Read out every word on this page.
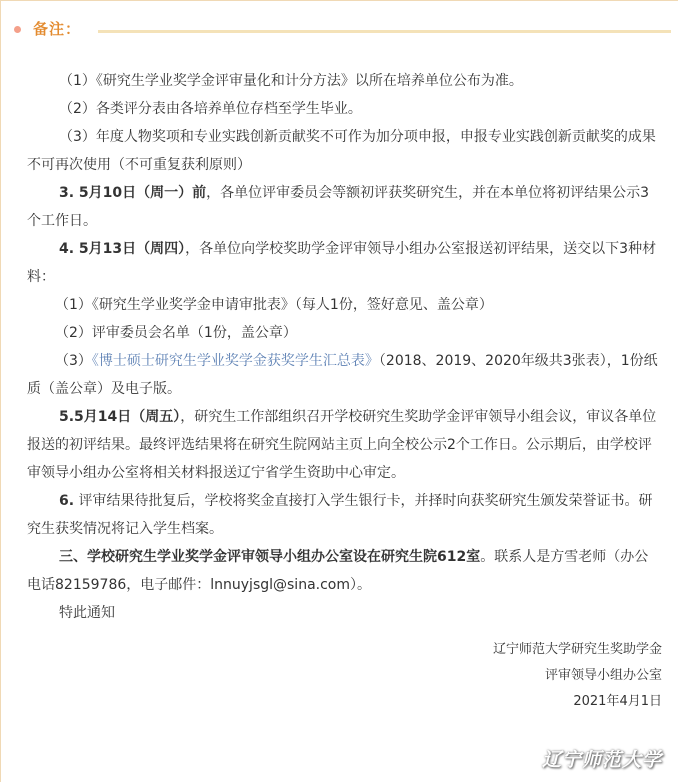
备注：

（1）《研究生学业奖学金评审量化和计分方法》以所在培养单位公布为准。

（2）各类评分表由各培养单位存档至学生毕业。

（3）年度人物奖项和专业实践创新贡献奖不可作为加分项申报，申报专业实践创新贡献奖的成果不可再次使用（不可重复获利原则）

3. 5月10日（周一）前，各单位评审委员会等额初评获奖研究生，并在本单位将初评结果公示3个工作日。

4. 5月13日（周四），各单位向学校奖助学金评审领导小组办公室报送初评结果，送交以下3种材料：

（1）《研究生学业奖学金申请审批表》（每人1份，签好意见、盖公章）

（2）评审委员会名单（1份，盖公章）

（3）《博士硕士研究生学业奖学金获奖学生汇总表》（2018、2019、2020年级共3张表），1份纸质（盖公章）及电子版。

5.5月14日（周五），研究生工作部组织召开学校研究生奖助学金评审领导小组会议，审议各单位报送的初评结果。最终评选结果将在研究生院网站主页上向全校公示2个工作日。公示期后，由学校评审领导小组办公室将相关材料报送辽宁省学生资助中心审定。

6. 评审结果待批复后，学校将奖金直接打入学生银行卡，并择时向获奖研究生颁发荣誉证书。研究生获奖情况将记入学生档案。

三、学校研究生学业奖学金评审领导小组办公室设在研究生院612室。联系人是方雪老师（办公电话82159786，电子邮件：lnnuyjsgl@sina.com）。

特此通知

辽宁师范大学研究生奖助学金

评审领导小组办公室

2021年4月1日

辽宁师范大学
